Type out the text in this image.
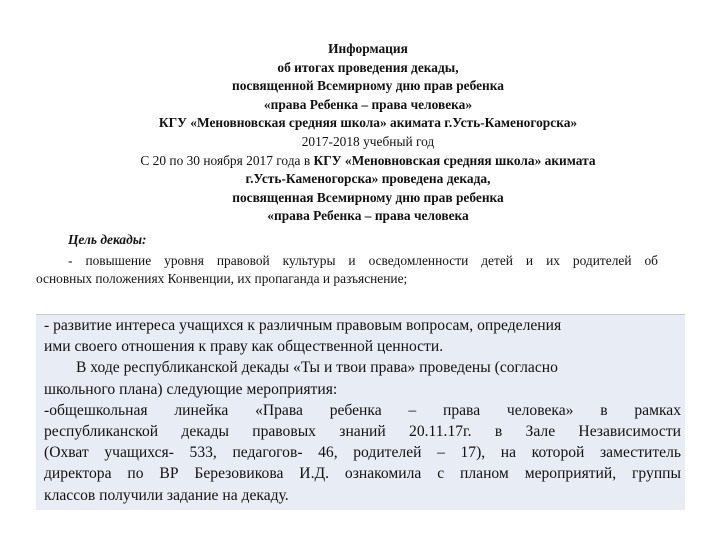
Информация
об итогах проведения декады,
посвященной Всемирному дню прав ребенка
«права Ребенка – права человека»
КГУ «Меновновская средняя школа» акимата г.Усть-Каменогорска»
2017-2018 учебный год
С 20 по 30 ноября 2017 года в КГУ «Меновновская средняя школа» акимата
г.Усть-Каменогорска» проведена декада,
посвященная Всемирному дню прав ребенка
«права Ребенка – права человека
Цель декады:
- повышение уровня правовой культуры и осведомленности детей и их родителей об
основных положениях Конвенции, их пропаганда и разъяснение;
- развитие интереса учащихся к различным правовым вопросам, определения
ими своего отношения к праву как общественной ценности.
В ходе республиканской декады «Ты и твои права» проведены (согласно
школьного плана) следующие мероприятия:
-общешкольная линейка «Права ребенка – права человека» в рамках
республиканской декады правовых знаний 20.11.17г. в Зале Независимости
(Охват учащихся- 533, педагогов- 46, родителей – 17), на которой заместитель
директора по ВР Березовикова И.Д. ознакомила с планом мероприятий, группы
классов получили задание на декаду.
